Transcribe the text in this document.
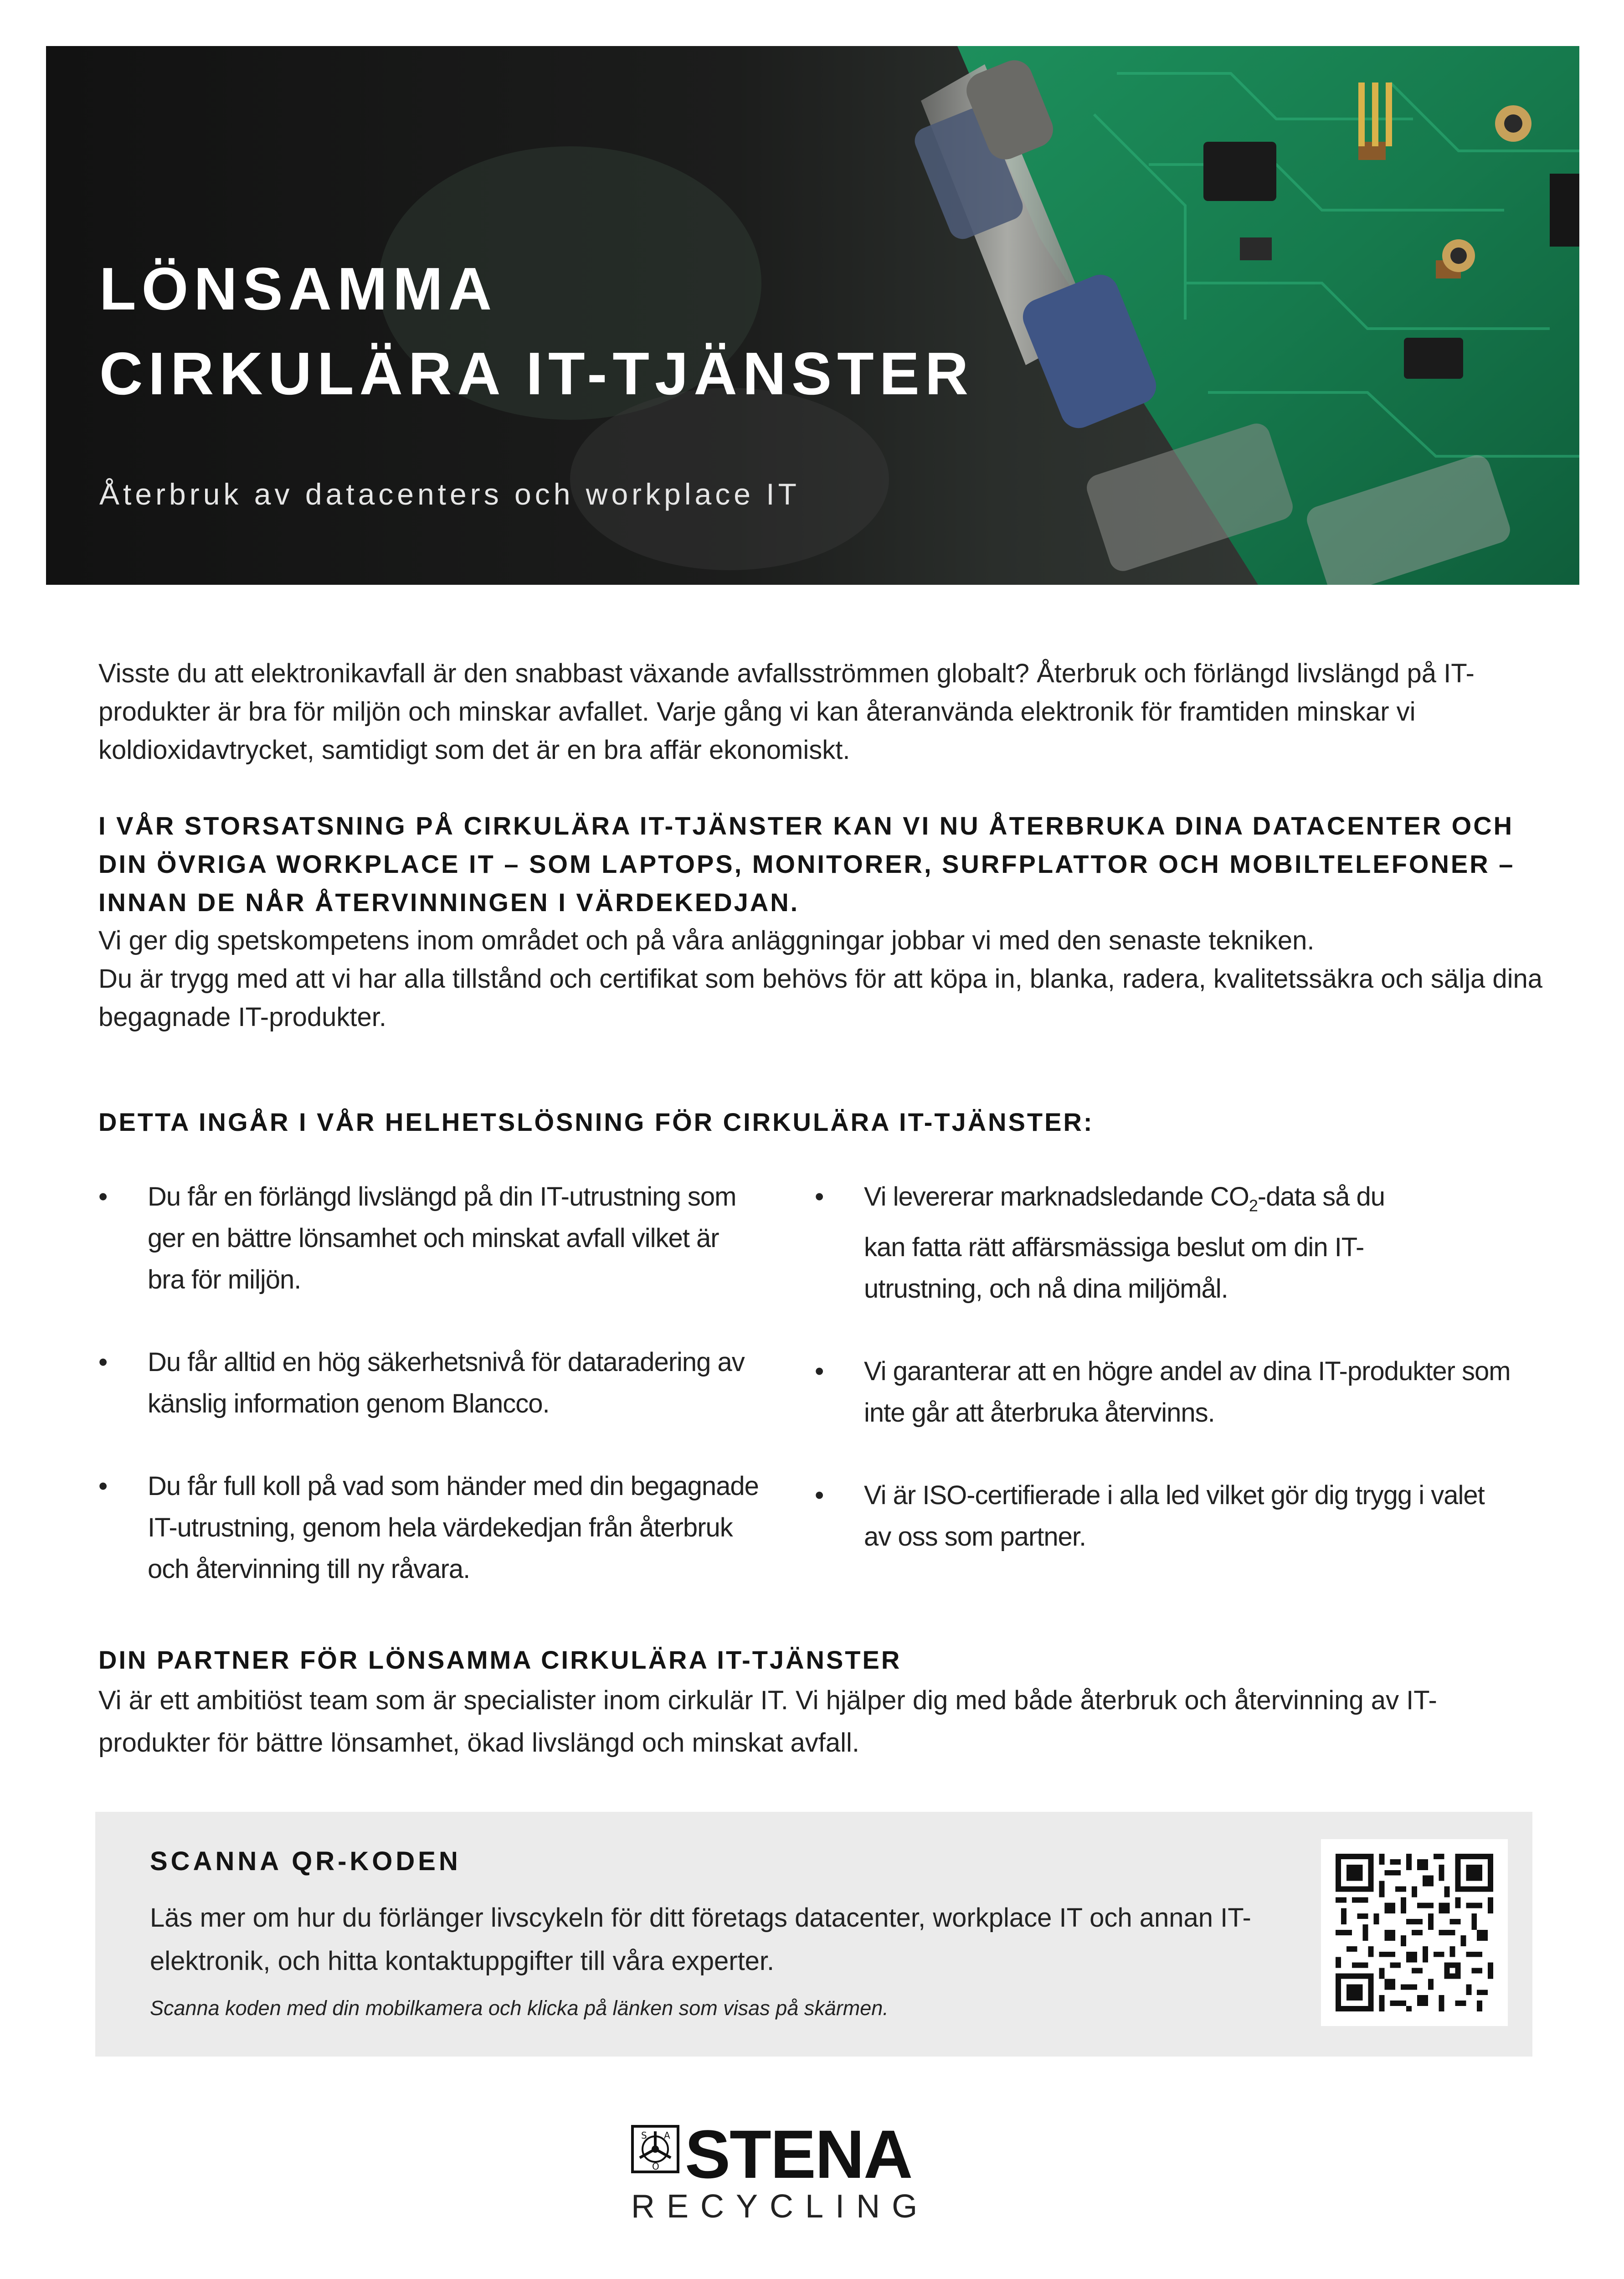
LÖNSAMMA
CIRKULÄRA IT-TJÄNSTER
Återbruk av datacenters och workplace IT
Visste du att elektronikavfall är den snabbast växande avfallsströmmen globalt? Återbruk och förlängd livslängd på IT-produkter är bra för miljön och minskar avfallet. Varje gång vi kan återanvända elektronik för framtiden minskar vi koldioxidavtrycket, samtidigt som det är en bra affär ekonomiskt.
I VÅR STORSATSNING PÅ CIRKULÄRA IT-TJÄNSTER KAN VI NU ÅTERBRUKA DINA DATACENTER OCH DIN ÖVRIGA WORKPLACE IT – SOM LAPTOPS, MONITORER, SURFPLATTOR OCH MOBILTELEFONER – INNAN DE NÅR ÅTERVINNINGEN I VÄRDEKEDJAN.
Vi ger dig spetskompetens inom området och på våra anläggningar jobbar vi med den senaste tekniken.
Du är trygg med att vi har alla tillstånd och certifikat som behövs för att köpa in, blanka, radera, kvalitetssäkra och sälja dina begagnade IT-produkter.
DETTA INGÅR I VÅR HELHETSLÖSNING FÖR CIRKULÄRA IT-TJÄNSTER:
• Du får en förlängd livslängd på din IT-utrustning som ger en bättre lönsamhet och minskat avfall vilket är bra för miljön.
• Du får alltid en hög säkerhetsnivå för dataradering av känslig information genom Blancco.
• Du får full koll på vad som händer med din begagnade IT-utrustning, genom hela värdekedjan från återbruk och återvinning till ny råvara.
• Vi levererar marknadsledande $CO_2$-data så du kan fatta rätt affärsmässiga beslut om din IT-utrustning, och nå dina miljömål.
• Vi garanterar att en högre andel av dina IT-produkter som inte går att återbruka återvinns.
• Vi är ISO-certifierade i alla led vilket gör dig trygg i valet av oss som partner.
DIN PARTNER FÖR LÖNSAMMA CIRKULÄRA IT-TJÄNSTER
Vi är ett ambitiöst team som är specialister inom cirkulär IT. Vi hjälper dig med både återbruk och återvinning av IT-produkter för bättre lönsamhet, ökad livslängd och minskat avfall.
SCANNA QR-KODEN
Läs mer om hur du förlänger livscykeln för ditt företags datacenter, workplace IT och annan IT-elektronik, och hitta kontaktuppgifter till våra experter.
Scanna koden med din mobilkamera och klicka på länken som visas på skärmen.
S A
O STENA
RECYCLING
